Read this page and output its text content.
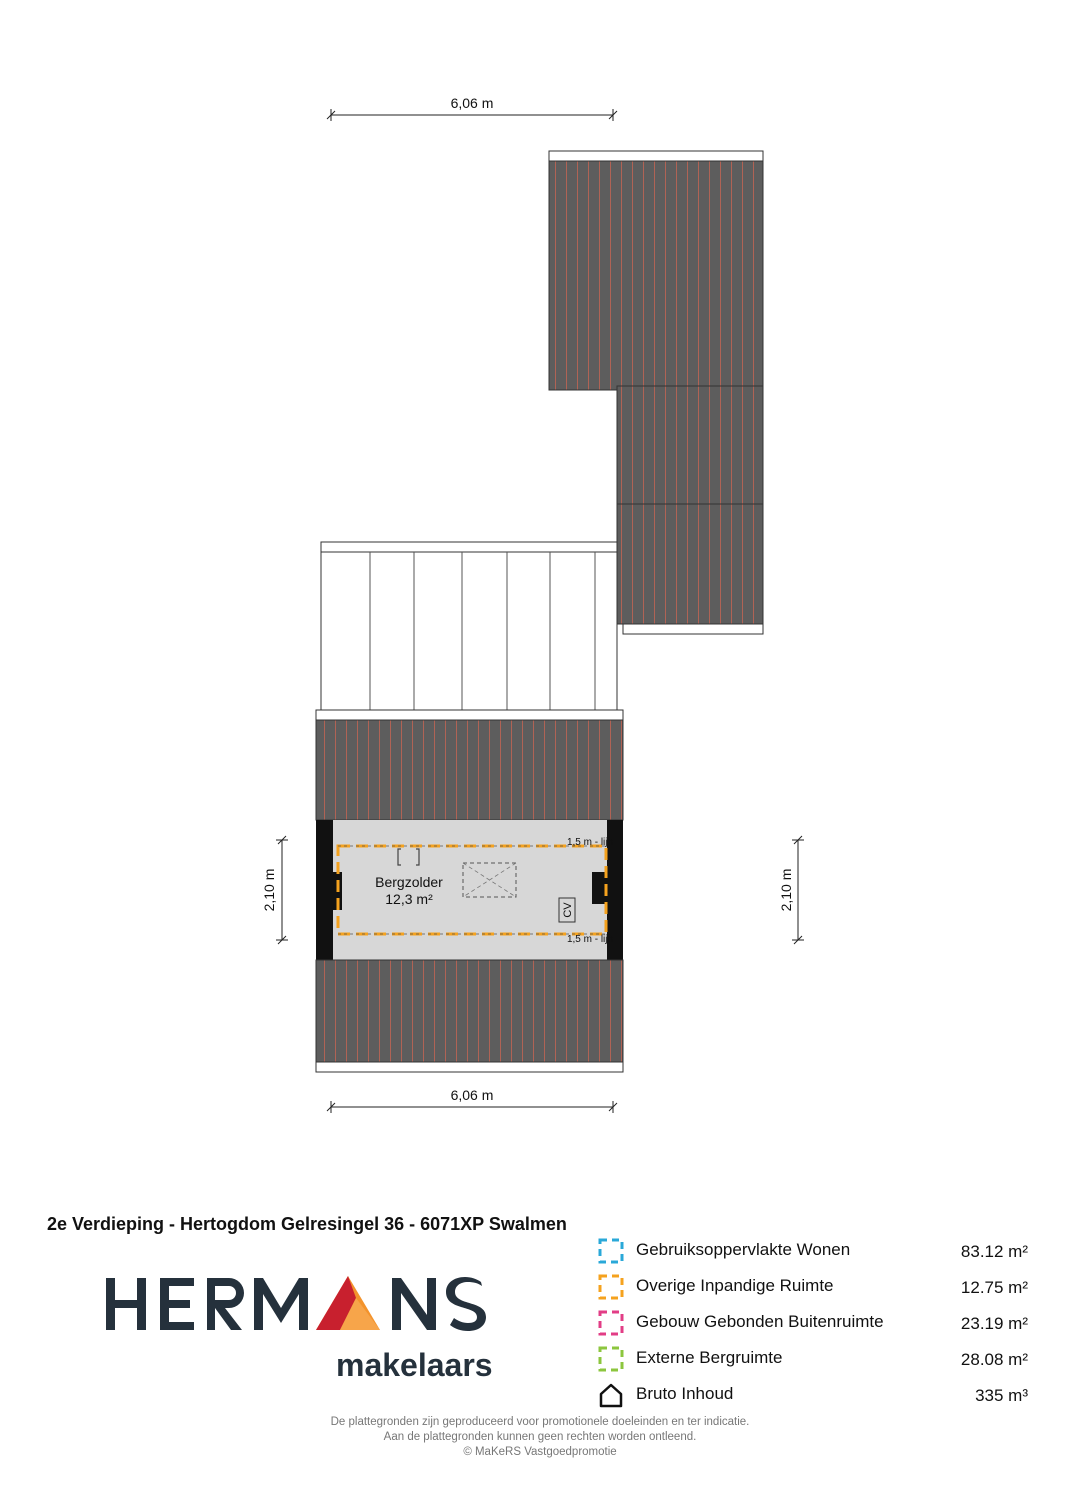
6,06 m
Bergzolder
12,3 m²
1,5 m - lijn
1,5 m - lijn
CV
6,06 m
2,10 m	2,10 m
2e Verdieping - Hertogdom Gelresingel 36 - 6071XP Swalmen
makelaars
Gebruiksoppervlakte Wonen	83.12 m²
Overige Inpandige Ruimte	12.75 m²
Gebouw Gebonden Buitenruimte	23.19 m²
Externe Bergruimte	28.08 m²
Bruto Inhoud	335 m³
De plattegronden zijn geproduceerd voor promotionele doeleinden en ter indicatie.
Aan de plattegronden kunnen geen rechten worden ontleend.
© MaKeRS Vastgoedpromotie
